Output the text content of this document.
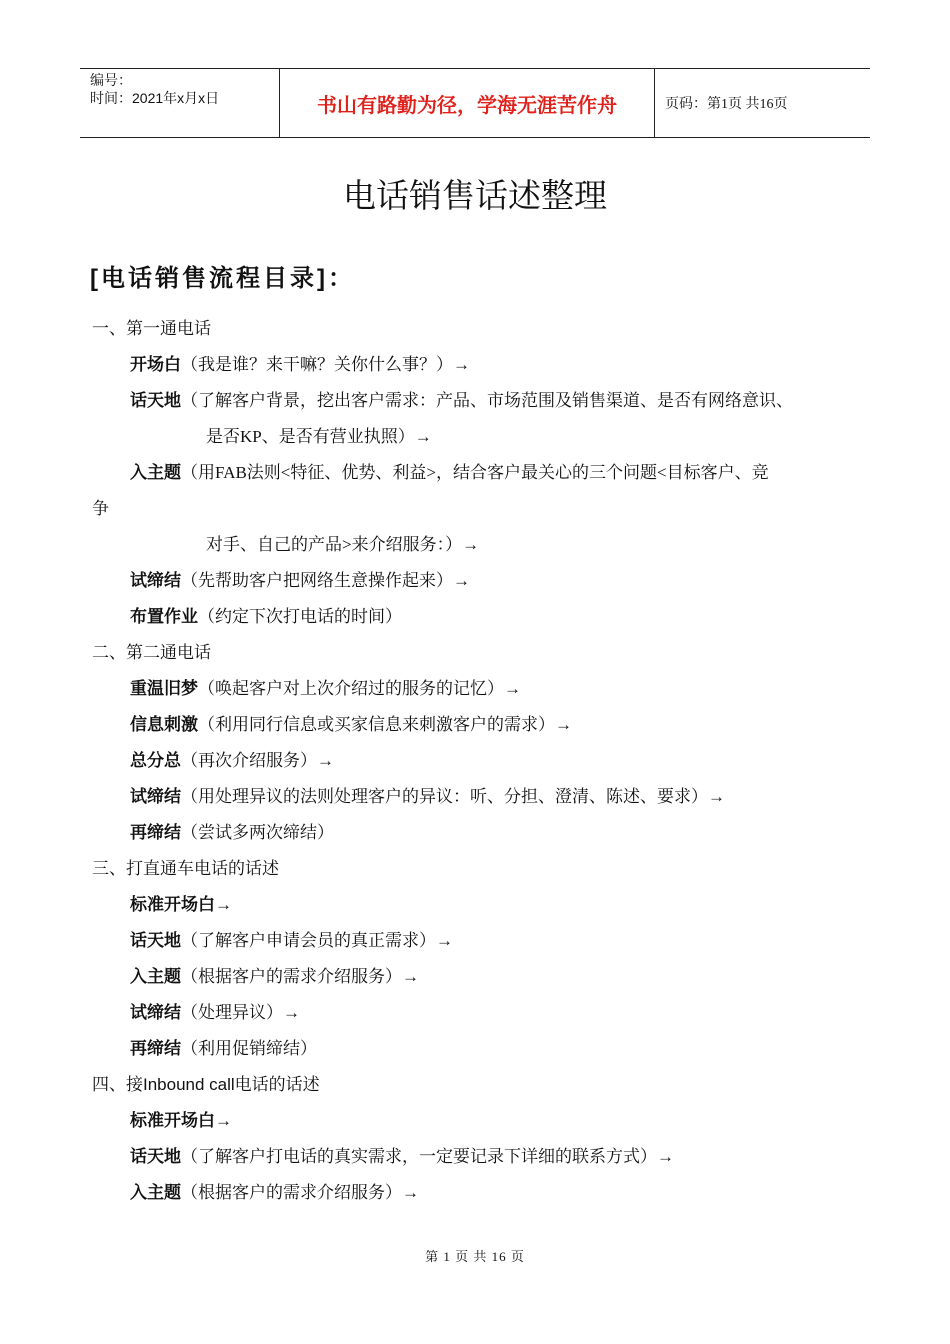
编号：
时间：2021年x月x日	书山有路勤为径，学海无涯苦作舟	页码：第1页 共16页
电话销售话述整理
[电话销售流程目录]：
一、第一通电话
开场白（我是谁？来干嘛？关你什么事？）→
话天地（了解客户背景，挖出客户需求：产品、市场范围及销售渠道、是否有网络意识、
是否KP、是否有营业执照）→
入主题（用FAB法则<特征、优势、利益>，结合客户最关心的三个问题<目标客户、竞
争
对手、自己的产品>来介绍服务：）→
试缔结（先帮助客户把网络生意操作起来）→
布置作业（约定下次打电话的时间）
二、第二通电话
重温旧梦（唤起客户对上次介绍过的服务的记忆）→
信息刺激（利用同行信息或买家信息来刺激客户的需求）→
总分总（再次介绍服务）→
试缔结（用处理异议的法则处理客户的异议：听、分担、澄清、陈述、要求）→
再缔结（尝试多两次缔结）
三、打直通车电话的话述
标准开场白→
话天地（了解客户申请会员的真正需求）→
入主题（根据客户的需求介绍服务）→
试缔结（处理异议）→
再缔结（利用促销缔结）
四、接Inbound call电话的话述
标准开场白→
话天地（了解客户打电话的真实需求，一定要记录下详细的联系方式）→
入主题（根据客户的需求介绍服务）→
第 1 页 共 16 页
